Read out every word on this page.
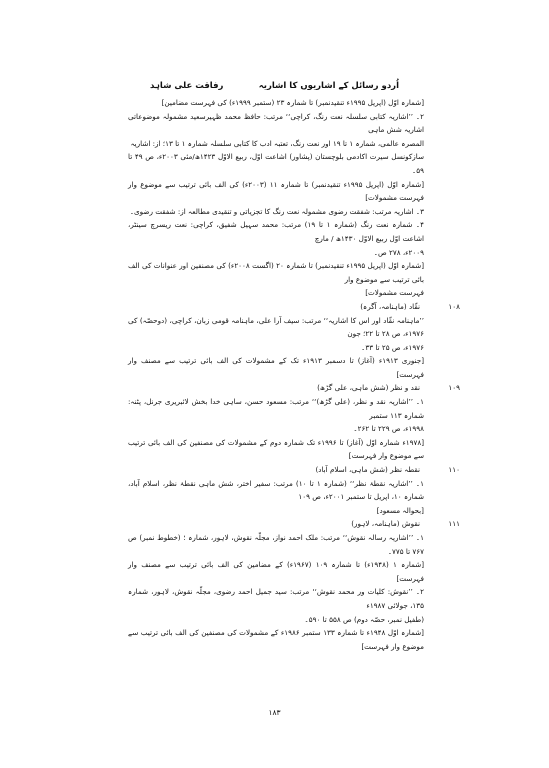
رفاقت علی شاہد	اُردو رسائل کے اشاریوں کا اشاریہ
[شمارہ اوّل (اپریل ۱۹۹۵ء تنقیدنمبر) تا شمارہ ۲۳ (ستمبر ۱۹۹۹ء) کی فہرست مضامین]
۲۔ ’’اشاریہ کتابی سلسلہ نعت رنگ، کراچی‘‘ مرتب: حافظ محمد ظہیرسعید مشمولہ موضوعاتی اشاریہ شش ماہی
المصرہ عالمی، شمارہ ۱ تا ۱۹ اور نعت رنگ، تعتبہ ادب کا کتابی سلسلہ شمارہ ۱ تا ۱۳؛ از: اشاریہ
سازکونسل سیرت اکادمی بلوچستان (پشاور) اشاعت اوّل، ربیع الاوّل ۱۴۲۳ھ/مئی ۲۰۰۳ء، ص ۴۹ تا ۵۹۔
[شمارہ اوّل (اپریل ۱۹۹۵ء تنقیدنمبر) تا شمارہ ۱۱ (۲۰۰۳ء) کی الف بائی ترتیب سے موضوع وار فہرست مشمولات]
۳۔ اشاریہ مرتب: شفقت رضوی مشمولہ نعت رنگ کا تجزیاتی و تنقیدی مطالعہ از: شفقت رضوی۔
۴۔ شمارہ نعت رنگ (شمارہ ۱ تا ۱۹) مرتب: محمد سہیل شفیق، کراچی: نعت ریسرچ سینٹر، اشاعت اوّل ربیع الاوّل ۱۴۳۰ھ / مارچ
۲۰۰۹ء، ۲۷۸ ص۔
[شمارہ اوّل (اپریل ۱۹۹۵ء تنقیدنمبر) تا شمارہ ۲۰ (اگست ۲۰۰۸ء) کی مصنفین اور عنوانات کی الف بائی ترتیب سے موضوع وار
فہرست مشمولات]
۱۰۸
نقّاد (ماہنامہ، آگرہ)
’’ماہنامہ نقّاد اور اس کا اشاریہ‘‘ مرتب: سیف آرا علی، ماہنامہ قومی زبان، کراچی، (دوحصّہ) کی ۱۹۷۶ء، ص ۲۸ تا ۲۲؛ جون
۱۹۷۶ء، ص ۲۵ تا ۳۳۔
[جنوری ۱۹۱۳ء (آغاز) تا دسمبر ۱۹۱۳ء تک کے مشمولات کی الف بائی ترتیب سے مصنف وار فہرست]
۱۰۹
نقد و نظر (شش ماہی، علی گڑھ)
۱۔ ’’اشاریہ نقد و نظر، (علی گڑھ)‘‘ مرتب: مسعود حسن، ساہی خدا بخش لائبریری جرنل، پٹنہ: شمارہ ۱۱۳ ستمبر
۱۹۹۸ء، ص ۲۲۹ تا ۲۶۲۔
[۱۹۷۸ء شمارہ اوّل (آغاز) تا ۱۹۹۶ء تک شمارہ دوم کے مشمولات کی مصنفین کی الف بائی ترتیب سے موضوع وار فہرست]
۱۱۰
نقطہ نظر (شش ماہی، اسلام آباد)
۱۔ ’’اشاریہ نقطۂ نظر‘‘ (شمارہ ۱ تا ۱۰) مرتب: سفیر اختر، شش ماہی نقطۂ نظر، اسلام آباد، شمارہ ۱۰، اپریل تا ستمبر ۲۰۰۱ء، ص ۱۰۹
[بحوالہ مسعود]
۱۱۱
نقوش (ماہنامہ، لاہور)
۱۔ ’’اشاریہ رسالہ نقوش‘‘ مرتب: ملک احمد نواز، مجلّہ نقوش، لاہور، شمارہ ؛ (خطوط نمبر) ص ۷۶۷ تا ۷۷۵۔
[شمارہ ۱ (۱۹۴۸ء) تا شمارہ ۱۰۹ (۱۹۶۷ء) کے مضامین کی الف بائی ترتیب سے مصنف وار فہرست]
۲۔ ’’نقوش: کلیات ور محمد نقوش‘‘ مرتب: سید جمیل احمد رضوی، مجلّہ نقوش، لاہور، شمارہ ۱۳۵، جولائی ۱۹۸۷ء
(طفیل نمبر، حصّہ دوم) ص ۵۵۸ تا ۵۹۰۔
[شمارہ اوّل ۱۹۴۸ء تا شمارہ ۱۳۳ ستمبر ۱۹۸۶ء کے مشمولات کی مصنفین کی الف بائی ترتیب سے موضوع وار فہرست]
۱۸۳
